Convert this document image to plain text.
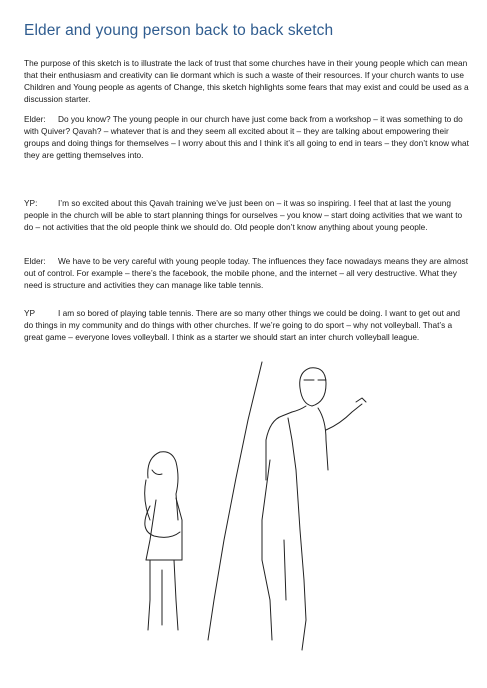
Elder and young person back to back sketch
The purpose of this sketch is to illustrate the lack of trust that some churches have in their young people which can mean that their enthusiasm and creativity can lie dormant which is such a waste of their resources. If your church wants to use Children and Young people as agents of Change, this sketch highlights some fears that may exist and could be used as a discussion starter.
Elder: Do you know? The young people in our church have just come back from a workshop – it was something to do with Quiver? Qavah? – whatever that is and they seem all excited about it – they are talking about empowering their groups and doing things for themselves – I worry about this and I think it’s all going to end in tears – they don’t know what they are getting themselves into.
YP: I’m so excited about this Qavah training we’ve just been on – it was so inspiring. I feel that at last the young people in the church will be able to start planning things for ourselves – you know – start doing activities that we want to do – not activities that the old people think we should do. Old people don’t know anything about young people.
Elder: We have to be very careful with young people today. The influences they face nowadays means they are almost out of control. For example – there’s the facebook, the mobile phone, and the internet – all very destructive. What they need is structure and activities they can manage like table tennis.
YP	I am so bored of playing table tennis. There are so many other things we could be doing. I want to get out and do things in my community and do things with other churches. If we’re going to do sport – why not volleyball. That’s a great game – everyone loves volleyball. I think as a starter we should start an inter church volleyball league.
